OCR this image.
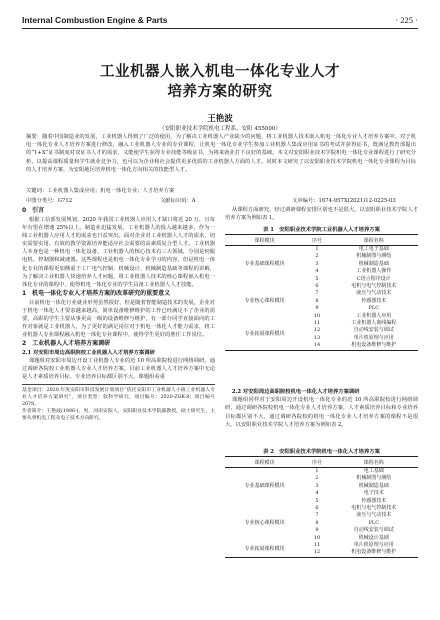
Internal Combustion Engine & Parts	· 225 ·
工业机器人嵌入机电一体化专业人才
培养方案的研究
王艳波
（安阳职业技术学院机电工程系，安阳 455000）
摘要：随着中国制造业的发展，工业机器人得到了广泛的使用，为了解决工业机器人产业缺少的问题，将工业机器人技术嵌入机电一体化专业人才培养方案中。对于机电一体化专业人才培养方案进行修改，融入工业机器人专业的专业课程，让机电一体化专业学生参加工业机器人集成应用证书的考试并获得证书，既满足教育部提出的“1+X”证书制度对双证书人才的需求，又能使学生获得专业技能等级证书，为将来就业打下良好的基础。本文对安阳职业技术学院机电一体化专业课程进行了研究分析，以提高课程质量和学生就业竞争力，也可以为企业和社会提供更多优质的工业机器人方面的人才。同时本文研究了以安阳职业技术学院机电一体化专业课程为目标的人才培养方案，为安阳地区培养机电一体化方向相关的技能型人才。
关键词：工业机器人集成应用；机电一体化专业；人才培养方案
中图分类号：G712	文献标识码：A	文章编号：1674-957X(2021)12-0225-03
0　引言

根据工信部发展规划，2020 年我国工业机器人应用人才缺口将近 20 万，且每年有望在增速 25%以上。制造业迅猛发展，工业机器人的投入越来越多，作为一线工业机器人应用人才的需求也日益突出。面对企业对工业机器人人才的需求，切实需要实用、有效的教学资源培养能适应社会需要的高素质复合型人才。工业机器人本身也是一种机电一体化设备，工业机器人的核心技术有三大领域，分别是伺服电机、控制器和减速器。这些课程也是机电一体化专业学习的内容，但是机电一体化专业的课程更加侧重于工厂电气控制、机械设计、机械制造基础等课程的讲解，为了解决工业机器人快速培养人才问题，将工业机器人技术的核心课程嵌入机电一体化专业的课程中，使得机电一体化专业的学生具备工业机器人人才技能。

1　机电一体化专业人才培养方案的改革研究的重要意义

目前机电一体化行业就业形势虽然很好，但是随着智能制造技术的发展，企业对于机电一体化人才要求越来越高，简单设备维修维护的工作已经满足不了企业的需要，高职的学生主要从事更高一级的设备维修与维护，有一部分同学直接面向的工作对象就是工业机器人，为了更好的满足岗位对于机电一体化人才能力需求，将工业机器人专业课程融入机电一体化专业课程中，使得学生更好的胜任工作岗位。

2　工业机器人人才培养方案调研
2.1 对安阳市周边高职院校工业机器人人才培养方案调研

课题组对安阳市周边开设工业机器人专业的近 10 所高职院校进行网络调研，通过调研各院校工业机器人专业人才培养方案，目前工业机器人人才培养方案中无论是人才素质培养目标、专业培养目标都区别不大，课题组看重

基金项目：2020 年度安阳市科技发展计划项目“依托安阳市工业机器人小镇工业机器人专业人才培养方案研究”，项目类型：软科学研究，项目编号：2020-ZGK-8；项目编号 2078。
作者简介：王艳波(1986-)，男，河南安阳人，安阳职业技术学院副教授，硕士研究生，主要从事机电工程及电子技术方向研究。

从课程方面研究，经过调研课程安排区别也不是很大，以安阳职业技术学院人才培养方案为例如表 1。

表 1　安阳职业技术学院工业机器人人才培养方案
课程模块	序号	课程名称
专业基础课程模块	1	电工电子基础
	2	机械制图与测绘
	3	机械制造基础
	4	工业机器人操作
	5	C语言程序设计
专业核心课程模块	6	电机与电气控制技术
	7	液压与气动技术
	8	传感器技术
	9	PLC
	10	工业机器人应用
专业拓展课程模块	11	工业机器人离线编程
	12	自动线安装与调试
	13	单片机原理与应用
	14	机电设备维修与维护
2.2 对安阳周边高职院校机电一体化人才培养方案调研

课题组同样对于安阳周边开设机电一体化专业的近 10 所高职院校进行网络调研，通过调研各院校机电一体化专业人才培养方案，人才素质培养目标和专业培养目标都区别不大，通过调研各院校的机电一体化专业人才培养方案的课程不是很大，以安阳职业技术学院人才培养方案为例如表 2。

表 2　安阳职业技术学院机电一体化人才培养方案
课程模块	序号	课程名称
专业基础课程模块	1	电工基础
	2	机械制图与测绘
	3	机械制造基础
	4	电子技术
	5	传感器技术
专业核心课程模块	6	电机与电气控制技术
	7	液压与气动技术
	8	PLC
	9	自动线安装与调试
	10	机械设计基础
专业拓展课程模块	11	单片机原理与应用
	12	机电设备维修与维护
